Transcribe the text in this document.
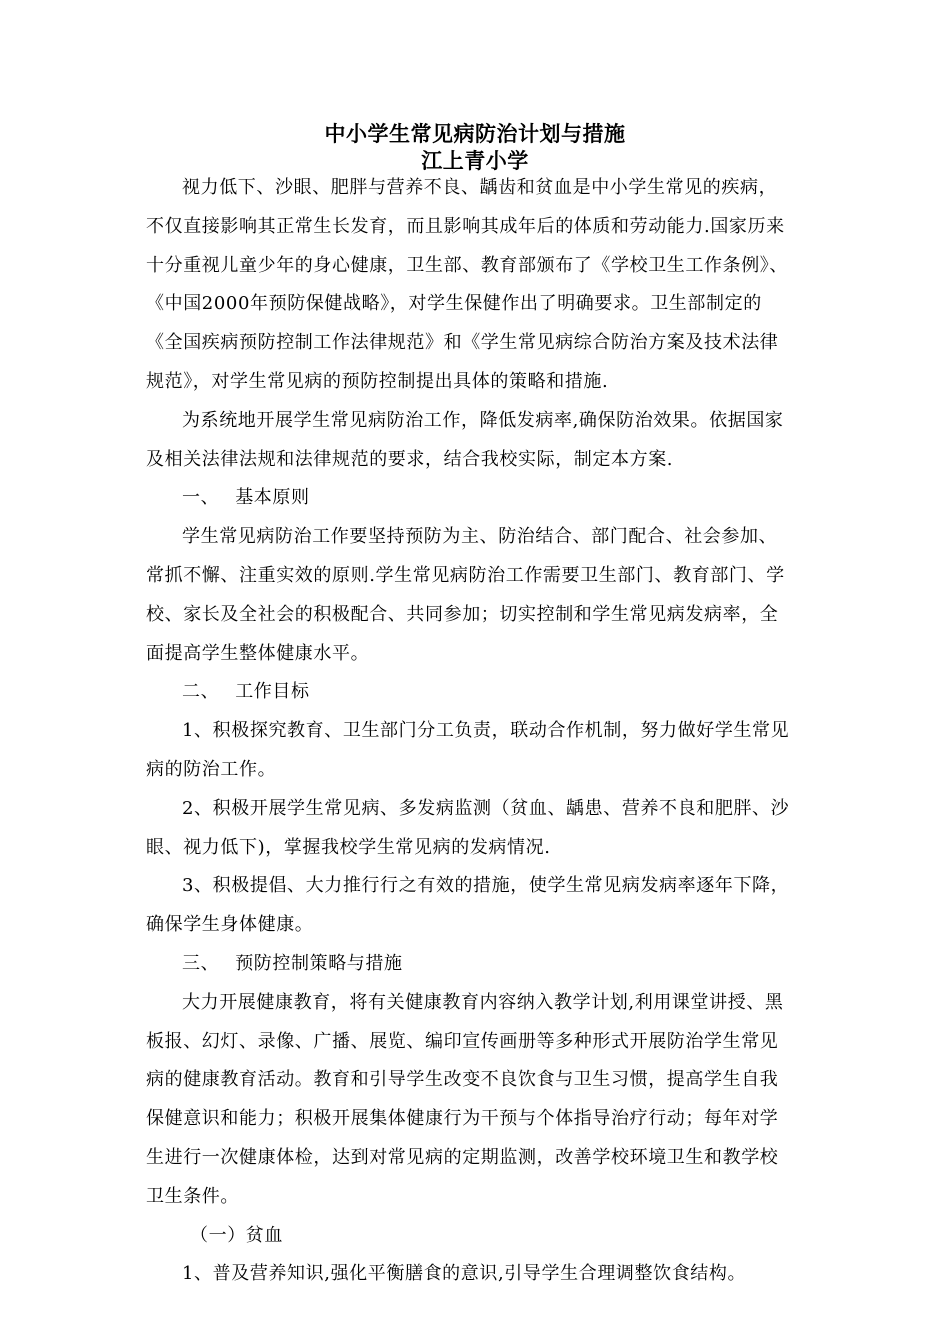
中小学生常见病防治计划与措施
江上青小学

视力低下、沙眼、肥胖与营养不良、龋齿和贫血是中小学生常见的疾病，
不仅直接影响其正常生长发育，而且影响其成年后的体质和劳动能力.国家历来
十分重视儿童少年的身心健康，卫生部、教育部颁布了《学校卫生工作条例》、
《中国2000年预防保健战略》，对学生保健作出了明确要求。卫生部制定的
《全国疾病预防控制工作法律规范》和《学生常见病综合防治方案及技术法律
规范》，对学生常见病的预防控制提出具体的策略和措施.

为系统地开展学生常见病防治工作，降低发病率,确保防治效果。依据国家
及相关法律法规和法律规范的要求，结合我校实际，制定本方案.

一、 基本原则

学生常见病防治工作要坚持预防为主、防治结合、部门配合、社会参加、
常抓不懈、注重实效的原则.学生常见病防治工作需要卫生部门、教育部门、学
校、家长及全社会的积极配合、共同参加；切实控制和学生常见病发病率，全
面提高学生整体健康水平。

二、 工作目标

1、积极探究教育、卫生部门分工负责，联动合作机制，努力做好学生常见
病的防治工作。

2、积极开展学生常见病、多发病监测（贫血、龋患、营养不良和肥胖、沙
眼、视力低下)，掌握我校学生常见病的发病情况.

3、积极提倡、大力推行行之有效的措施，使学生常见病发病率逐年下降，
确保学生身体健康。

三、 预防控制策略与措施

大力开展健康教育，将有关健康教育内容纳入教学计划,利用课堂讲授、黑
板报、幻灯、录像、广播、展览、编印宣传画册等多种形式开展防治学生常见
病的健康教育活动。教育和引导学生改变不良饮食与卫生习惯，提高学生自我
保健意识和能力；积极开展集体健康行为干预与个体指导治疗行动；每年对学
生进行一次健康体检，达到对常见病的定期监测，改善学校环境卫生和教学校
卫生条件。

（一）贫血

1、普及营养知识,强化平衡膳食的意识,引导学生合理调整饮食结构。
